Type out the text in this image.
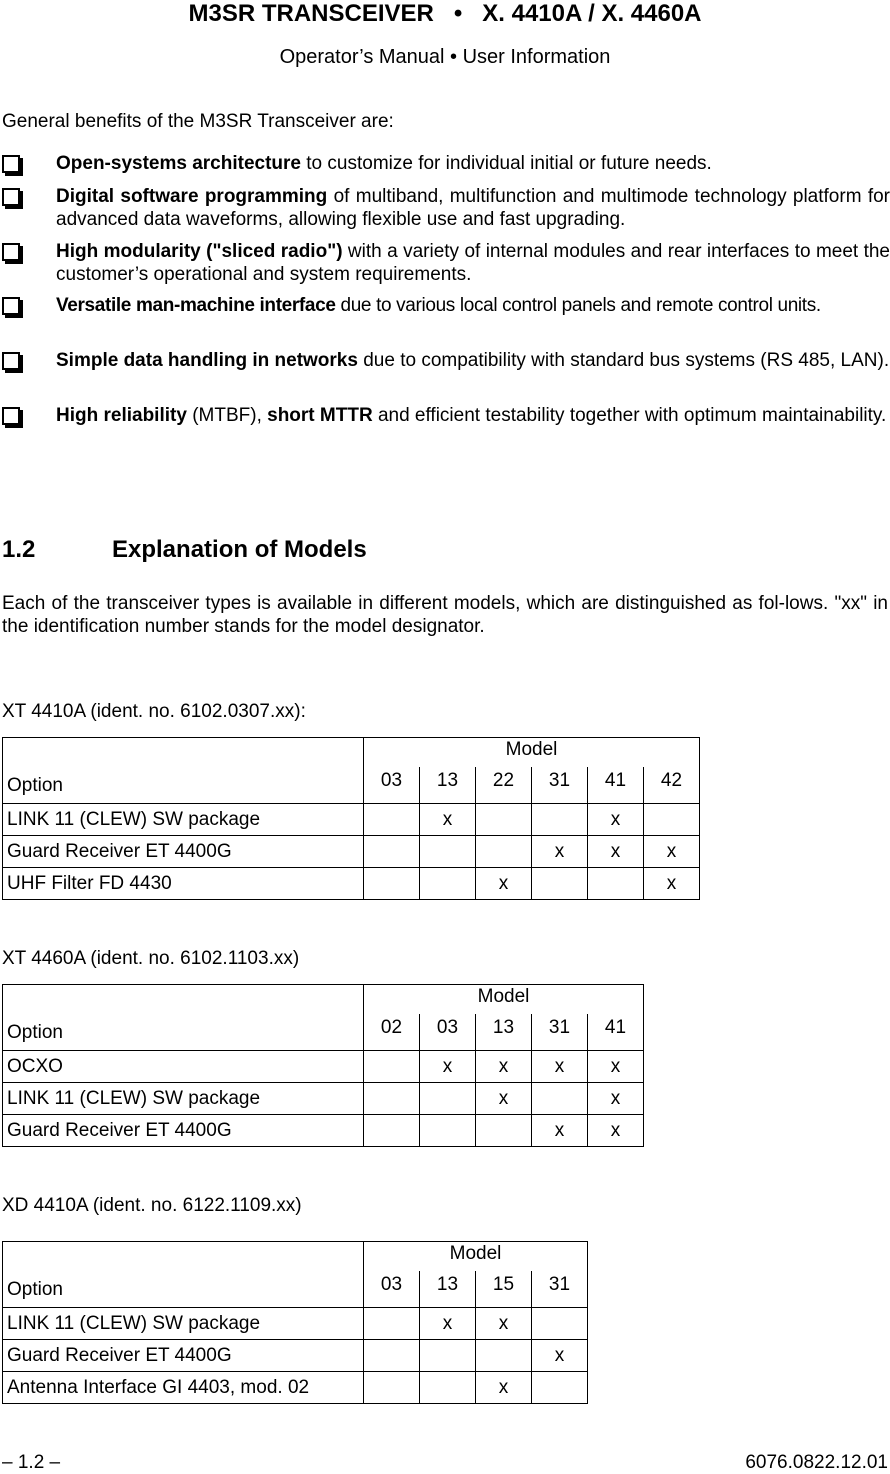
M3SR TRANSCEIVER   •   X. 4410A / X. 4460A
Operator’s Manual • User Information
General benefits of the M3SR Transceiver are:
Open-systems architecture to customize for individual initial or future needs.
Digital software programming of multiband, multifunction and multimode technology platform for advanced data waveforms, allowing flexible use and fast upgrading.
High modularity ("sliced radio") with a variety of internal modules and rear interfaces to meet the customer’s operational and system requirements.
Versatile man-machine interface due to various local control panels and remote control units.
Simple data handling in networks due to compatibility with standard bus systems (RS 485, LAN).
High reliability (MTBF), short MTTR and efficient testability together with optimum maintainability.
1.2	Explanation of Models
Each of the transceiver types is available in different models, which are distinguished as fol-lows. "xx" in the identification number stands for the model designator.
XT 4410A (ident. no. 6102.0307.xx):
Option	Model					
	03	13	22	31	41	42
LINK 11 (CLEW) SW package		x			x	
Guard Receiver ET 4400G				x	x	x
UHF Filter FD 4430			x			x
XT 4460A (ident. no. 6102.1103.xx)
Option	Model				
	02	03	13	31	41
OCXO		x	x	x	x
LINK 11 (CLEW) SW package			x		x
Guard Receiver ET 4400G				x	x
XD 4410A (ident. no. 6122.1109.xx)
Option	Model			
	03	13	15	31
LINK 11 (CLEW) SW package		x	x	
Guard Receiver ET 4400G				x
Antenna Interface GI 4403, mod. 02			x	
– 1.2 –	6076.0822.12.01
